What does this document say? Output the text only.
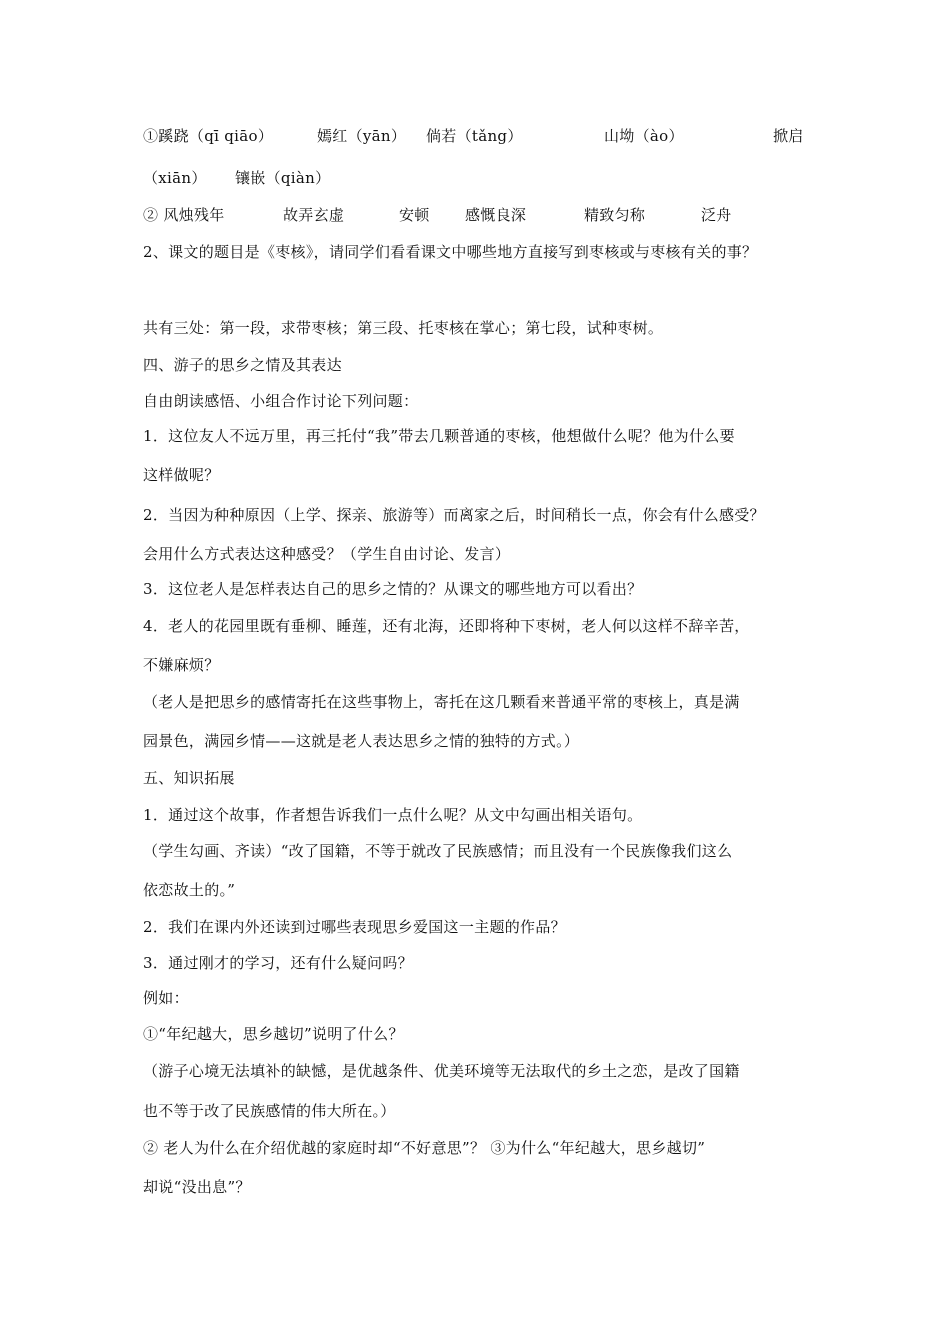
①蹊跷（qī qiāo）	嫣红（yān） 倘若（tǎng）	山坳（ào）	掀启
（xiān） 镶嵌（qiàn）
② 风烛残年	故弄玄虚	安顿 感慨良深	精致匀称	泛舟
2、课文的题目是《枣核》，请同学们看看课文中哪些地方直接写到枣核或与枣核有关的事？
共有三处：第一段，求带枣核；第三段、托枣核在掌心；第七段，试种枣树。
四、游子的思乡之情及其表达
自由朗读感悟、小组合作讨论下列问题：
1．这位友人不远万里，再三托付“我”带去几颗普通的枣核，他想做什么呢？他为什么要
这样做呢？
2．当因为种种原因（上学、探亲、旅游等）而离家之后，时间稍长一点，你会有什么感受？
会用什么方式表达这种感受？（学生自由讨论、发言）
3．这位老人是怎样表达自己的思乡之情的？从课文的哪些地方可以看出？
4．老人的花园里既有垂柳、睡莲，还有北海，还即将种下枣树，老人何以这样不辞辛苦，
不嫌麻烦？
（老人是把思乡的感情寄托在这些事物上，寄托在这几颗看来普通平常的枣核上，真是满
园景色，满园乡情——这就是老人表达思乡之情的独特的方式。）
五、知识拓展
1．通过这个故事，作者想告诉我们一点什么呢？从文中勾画出相关语句。
（学生勾画、齐读）“改了国籍，不等于就改了民族感情；而且没有一个民族像我们这么
依恋故土的。”
2．我们在课内外还读到过哪些表现思乡爱国这一主题的作品？
3．通过刚才的学习，还有什么疑问吗？
例如：
①“年纪越大，思乡越切”说明了什么？
（游子心境无法填补的缺憾，是优越条件、优美环境等无法取代的乡土之恋，是改了国籍
也不等于改了民族感情的伟大所在。）
② 老人为什么在介绍优越的家庭时却“不好意思”？ ③为什么“年纪越大，思乡越切”
却说“没出息”？
